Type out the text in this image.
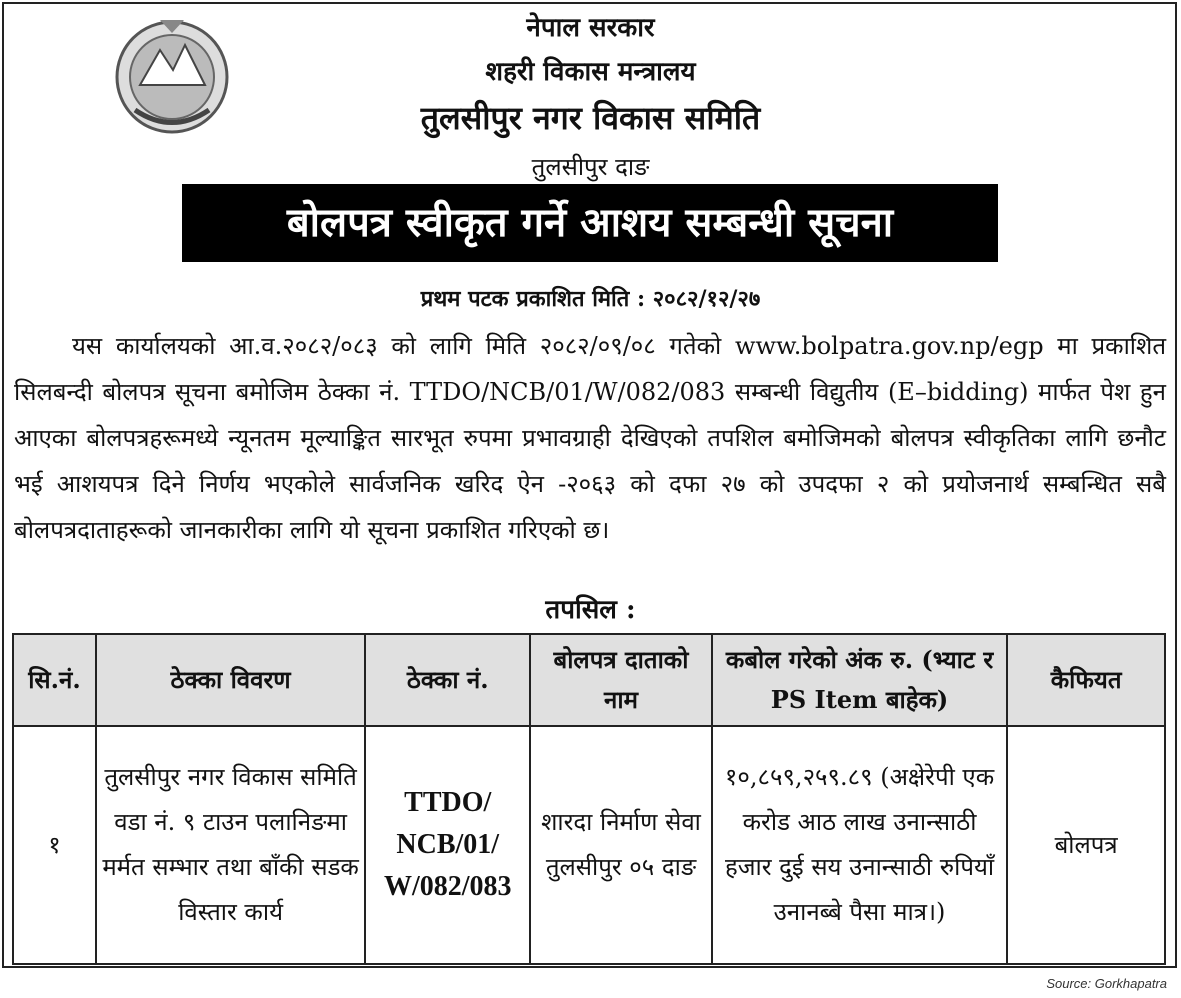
नेपाल सरकार
शहरी विकास मन्त्रालय
तुलसीपुर नगर विकास समिति
तुलसीपुर दाङ
बोलपत्र स्वीकृत गर्ने आशय सम्बन्धी सूचना
प्रथम पटक प्रकाशित मिति : २०८२/१२/२७
यस कार्यालयको आ.व.२०८२/०८३ को लागि मिति २०८२/०९/०८ गतेको www.bolpatra.gov.np/egp मा प्रकाशित सिलबन्दी बोलपत्र सूचना बमोजिम ठेक्का नं. TTDO/NCB/01/W/082/083 सम्बन्धी विद्युतीय (E–bidding) मार्फत पेश हुन आएका बोलपत्रहरूमध्ये न्यूनतम मूल्याङ्कित सारभूत रुपमा प्रभावग्राही देखिएको तपशिल बमोजिमको बोलपत्र स्वीकृतिका लागि छनौट भई आशयपत्र दिने निर्णय भएकोले सार्वजनिक खरिद ऐन -२०६३ को दफा २७ को उपदफा २ को प्रयोजनार्थ सम्बन्धित सबै बोलपत्रदाताहरूको जानकारीका लागि यो सूचना प्रकाशित गरिएको छ।
तपसिल :
सि.नं.	ठेक्का विवरण	ठेक्का नं.	बोलपत्र दाताको नाम	कबोल गरेको अंक रु. (भ्याट र PS Item बाहेक)	कैफियत
१	तुलसीपुर नगर विकास समिति वडा नं. ९ टाउन पलानिङमा मर्मत सम्भार तथा बाँकी सडक विस्तार कार्य	TTDO/ NCB/01/ W/082/083	शारदा निर्माण सेवा तुलसीपुर ०५ दाङ	१०,८५९,२५९.८९ (अक्षेरेपी एक करोड आठ लाख उनान्साठी हजार दुई सय उनान्साठी रुपियाँ उनानब्बे पैसा मात्र।)	बोलपत्र
Source: Gorkhapatra
